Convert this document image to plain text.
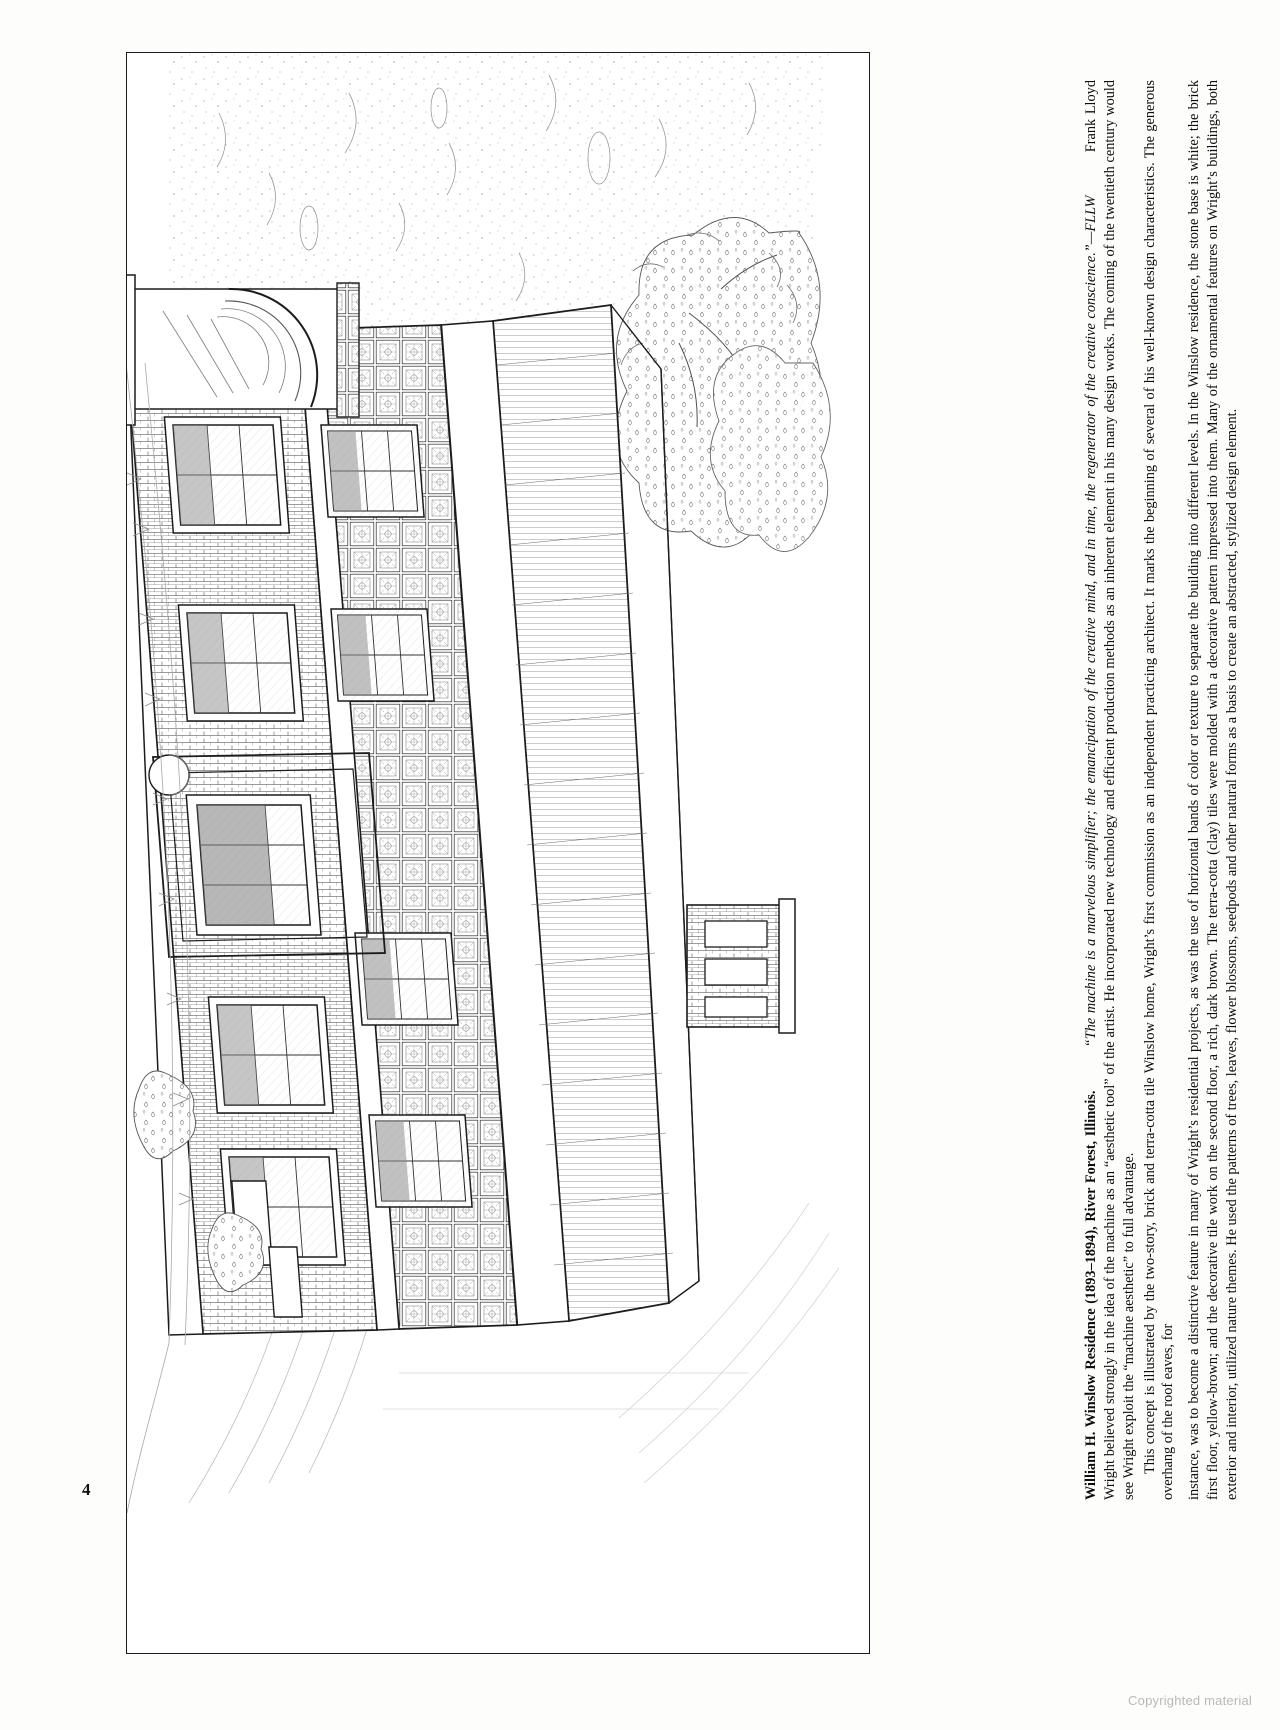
4	William H. Winslow Residence (1893–1894), River Forest, Illinois.  “The machine is a marvelous simplifier; the emancipation of the creative mind, and in time, the regenerator of the creative conscience.”—FLLW  Frank Lloyd Wright believed strongly in the idea of the machine as an “aesthetic tool” of the artist. He incorporated new technology and efficient production methods as an inherent element in his many design works. The coming of the twentieth century would see Wright exploit the “machine aesthetic” to full advantage. This concept is illustrated by the two-story, brick and terra-cotta tile Winslow home, Wright’s first commission as an independent practicing architect. It marks the beginning of several of his well-known design characteristics. The generous overhang of the roof eaves, for instance, was to become a distinctive feature in many of Wright’s residential projects, as was the use of horizontal bands of color or texture to separate the building into different levels. In the Winslow residence, the stone base is white; the brick first floor, yellow-brown; and the decorative tile work on the second floor, a rich, dark brown. The terra-cotta (clay) tiles were molded with a decorative pattern impressed into them. Many of the ornamental features on Wright’s buildings, both exterior and interior, utilized nature themes. He used the patterns of trees, leaves, flower blossoms, seedpods and other natural forms as a basis to create an abstracted, stylized design element.

Copyrighted material
